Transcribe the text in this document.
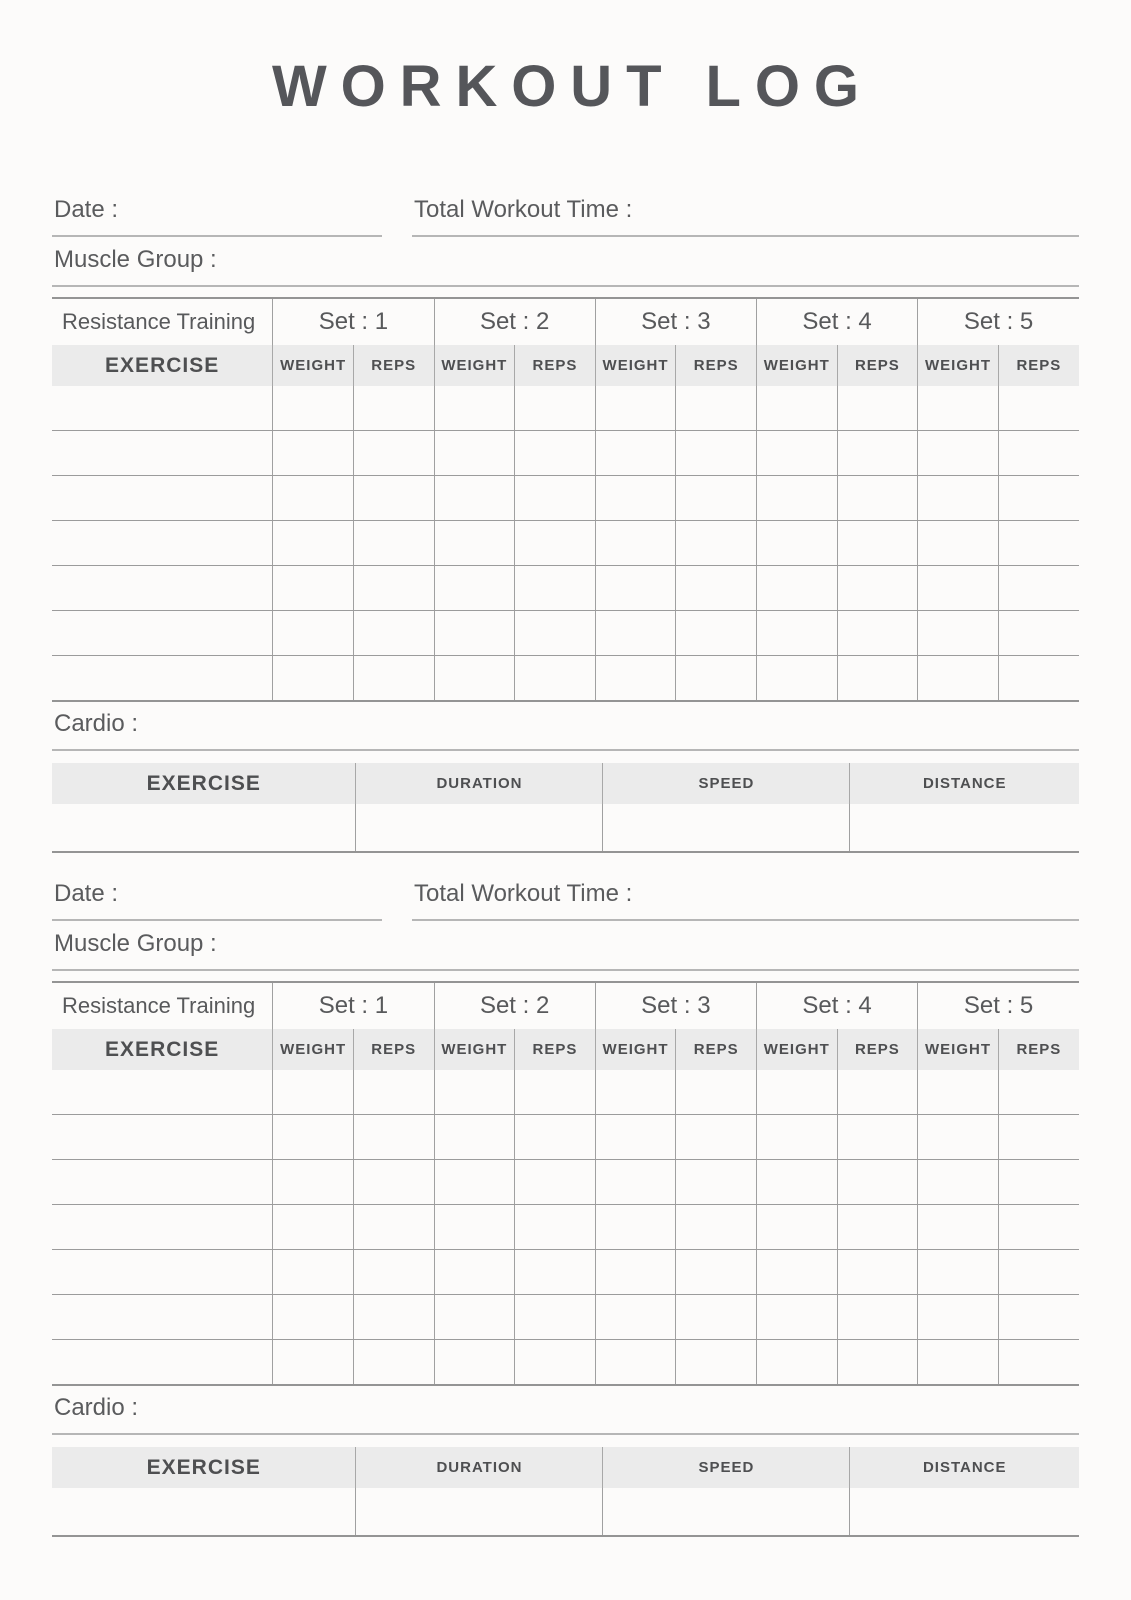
WORKOUT LOG
Date :	Total Workout Time :
Muscle Group :
Resistance Training	Set : 1		Set : 2		Set : 3		Set : 4		Set : 5	
EXERCISE	WEIGHT	REPS	WEIGHT	REPS	WEIGHT	REPS	WEIGHT	REPS	WEIGHT	REPS

Cardio :
EXERCISE	DURATION	SPEED	DISTANCE

Date :	Total Workout Time :
Muscle Group :
Resistance Training	Set : 1		Set : 2		Set : 3		Set : 4		Set : 5	
EXERCISE	WEIGHT	REPS	WEIGHT	REPS	WEIGHT	REPS	WEIGHT	REPS	WEIGHT	REPS

Cardio :
EXERCISE	DURATION	SPEED	DISTANCE
